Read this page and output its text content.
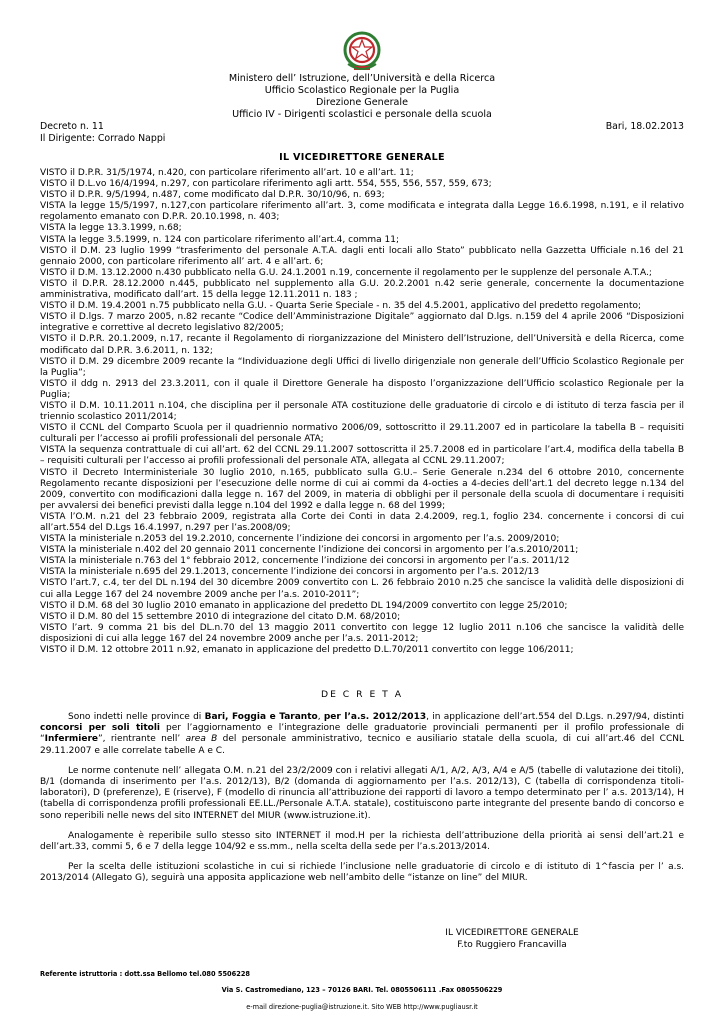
Ministero dell’ Istruzione, dell’Università e della Ricerca
Ufficio Scolastico Regionale per la Puglia
Direzione Generale
Ufficio IV - Dirigenti scolastici e personale della scuola
Decreto n. 11	Bari, 18.02.2013
Il Dirigente: Corrado Nappi
IL VICEDIRETTORE GENERALE

VISTO il D.P.R. 31/5/1974, n.420, con particolare riferimento all’art. 10 e all’art. 11;

VISTO il D.L.vo 16/4/1994, n.297, con particolare riferimento agli artt. 554, 555, 556, 557, 559, 673;

VISTO il D.P.R. 9/5/1994, n.487, come modificato dal D.P.R. 30/10/96, n. 693;

VISTA la legge 15/5/1997, n.127,con particolare riferimento all’art. 3, come modificata e integrata dalla Legge 16.6.1998, n.191, e il relativo regolamento emanato con D.P.R. 20.10.1998, n. 403;

VISTA la legge 13.3.1999, n.68;

VISTA la legge 3.5.1999, n. 124 con particolare riferimento all’art.4, comma 11;

VISTO il D.M. 23 luglio 1999 “trasferimento del personale A.T.A. dagli enti locali allo Stato” pubblicato nella Gazzetta Ufficiale n.16 del 21 gennaio 2000, con particolare riferimento all’ art. 4 e all’art. 6;

VISTO il D.M. 13.12.2000 n.430 pubblicato nella G.U. 24.1.2001 n.19, concernente il regolamento per le supplenze del personale A.T.A.;

VISTO il D.P.R. 28.12.2000 n.445, pubblicato nel supplemento alla G.U. 20.2.2001 n.42 serie generale, concernente la documentazione amministrativa, modificato dall’art. 15 della legge 12.11.2011 n. 183 ;

VISTO il D.M. 19.4.2001 n.75 pubblicato nella G.U. - Quarta Serie Speciale - n. 35 del 4.5.2001, applicativo del predetto regolamento;

VISTO il D.lgs. 7 marzo 2005, n.82 recante “Codice dell’Amministrazione Digitale” aggiornato dal D.lgs. n.159 del 4 aprile 2006 “Disposizioni integrative e correttive al decreto legislativo 82/2005;

VISTO il D.P.R. 20.1.2009, n.17, recante il Regolamento di riorganizzazione del Ministero dell’Istruzione, dell’Università e della Ricerca, come modificato dal D.P.R. 3.6.2011, n. 132;

VISTO il D.M. 29 dicembre 2009 recante la “Individuazione degli Uffici di livello dirigenziale non generale dell’Ufficio Scolastico Regionale per la Puglia”;

VISTO il ddg n. 2913 del 23.3.2011, con il quale il Direttore Generale ha disposto l’organizzazione dell’Ufficio scolastico Regionale per la Puglia;

VISTO il D.M. 10.11.2011 n.104, che disciplina per il personale ATA costituzione delle graduatorie di circolo e di istituto di terza fascia per il triennio scolastico 2011/2014;

VISTO il CCNL del Comparto Scuola per il quadriennio normativo 2006/09, sottoscritto il 29.11.2007 ed in particolare la tabella B – requisiti culturali per l’accesso ai profili professionali del personale ATA;

VISTA la sequenza contrattuale di cui all’art. 62 del CCNL 29.11.2007 sottoscritta il 25.7.2008 ed in particolare l’art.4, modifica della tabella B – requisiti culturali per l’accesso ai profili professionali del personale ATA, allegata al CCNL 29.11.2007;

VISTO il Decreto Interministeriale 30 luglio 2010, n.165, pubblicato sulla G.U.– Serie Generale n.234 del 6 ottobre 2010, concernente Regolamento recante disposizioni per l’esecuzione delle norme di cui ai commi da 4-octies a 4-decies dell’art.1 del decreto legge n.134 del 2009, convertito con modificazioni dalla legge n. 167 del 2009, in materia di obblighi per il personale della scuola di documentare i requisiti per avvalersi dei benefici previsti dalla legge n.104 del 1992 e dalla legge n. 68 del 1999;

VISTA l’O.M. n.21 del 23 febbraio 2009, registrata alla Corte dei Conti in data 2.4.2009, reg.1, foglio 234. concernente i concorsi di cui all’art.554 del D.Lgs 16.4.1997, n.297 per l’as.2008/09;

VISTA la ministeriale n.2053 del 19.2.2010, concernente l’indizione dei concorsi in argomento per l’a.s. 2009/2010;

VISTA la ministeriale n.402 del 20 gennaio 2011 concernente l’indizione dei concorsi in argomento per l’a.s.2010/2011;

VISTA la ministeriale n.763 del 1° febbraio 2012, concernente l’indizione dei concorsi in argomento per l’a.s. 2011/12

VISTA la ministeriale n.695 del 29.1.2013, concernente l’indizione dei concorsi in argomento per l’a.s. 2012/13

VISTO l’art.7, c.4, ter del DL n.194 del 30 dicembre 2009 convertito con L. 26 febbraio 2010 n.25 che sancisce la validità delle disposizioni di cui alla Legge 167 del 24 novembre 2009 anche per l’a.s. 2010-2011”;

VISTO il D.M. 68 del 30 luglio 2010 emanato in applicazione del predetto DL 194/2009 convertito con legge 25/2010;

VISTO il D.M. 80 del 15 settembre 2010 di integrazione del citato D.M. 68/2010;

VISTO l’art. 9 comma 21 bis del DL.n.70 del 13 maggio 2011 convertito con legge 12 luglio 2011 n.106 che sancisce la validità delle disposizioni di cui alla legge 167 del 24 novembre 2009 anche per l’a.s. 2011-2012;

VISTO il D.M. 12 ottobre 2011 n.92, emanato in applicazione del predetto D.L.70/2011 convertito con legge 106/2011;

DE C R E T A

Sono indetti nelle province di Bari, Foggia e Taranto, per l’a.s. 2012/2013, in applicazione dell’art.554 del D.Lgs. n.297/94, distinti concorsi per soli titoli per l’aggiornamento e l’integrazione delle graduatorie provinciali permanenti per il profilo professionale di “Infermiere”, rientrante nell’ area B del personale amministrativo, tecnico e ausiliario statale della scuola, di cui all’art.46 del CCNL 29.11.2007 e alle correlate tabelle A e C.

Le norme contenute nell’ allegata O.M. n.21 del 23/2/2009 con i relativi allegati A/1, A/2, A/3, A/4 e A/5 (tabelle di valutazione dei titoli), B/1 (domanda di inserimento per l’a.s. 2012/13), B/2 (domanda di aggiornamento per l’a.s. 2012/13), C (tabella di corrispondenza titoli- laboratori), D (preferenze), E (riserve), F (modello di rinuncia all’attribuzione dei rapporti di lavoro a tempo determinato per l’ a.s. 2013/14), H (tabella di corrispondenza profili professionali EE.LL./Personale A.T.A. statale), costituiscono parte integrante del presente bando di concorso e sono reperibili nelle news del sito INTERNET del MIUR (www.istruzione.it).

Analogamente è reperibile sullo stesso sito INTERNET il mod.H per la richiesta dell’attribuzione della priorità ai sensi dell’art.21 e dell’art.33, commi 5, 6 e 7 della legge 104/92 e ss.mm., nella scelta della sede per l’a.s.2013/2014.

Per la scelta delle istituzioni scolastiche in cui si richiede l’inclusione nelle graduatorie di circolo e di istituto di 1^fascia per l’ a.s. 2013/2014 (Allegato G), seguirà una apposita applicazione web nell’ambito delle “istanze on line” del MIUR.

IL VICEDIRETTORE GENERALE
F.to Ruggiero Francavilla
Referente istruttoria : dott.ssa Bellomo tel.080 5506228
Via S. Castromediano, 123 – 70126 BARI. Tel. 0805506111 .Fax 0805506229
e-mail direzione-puglia@istruzione.it. Sito WEB http://www.pugliausr.it
